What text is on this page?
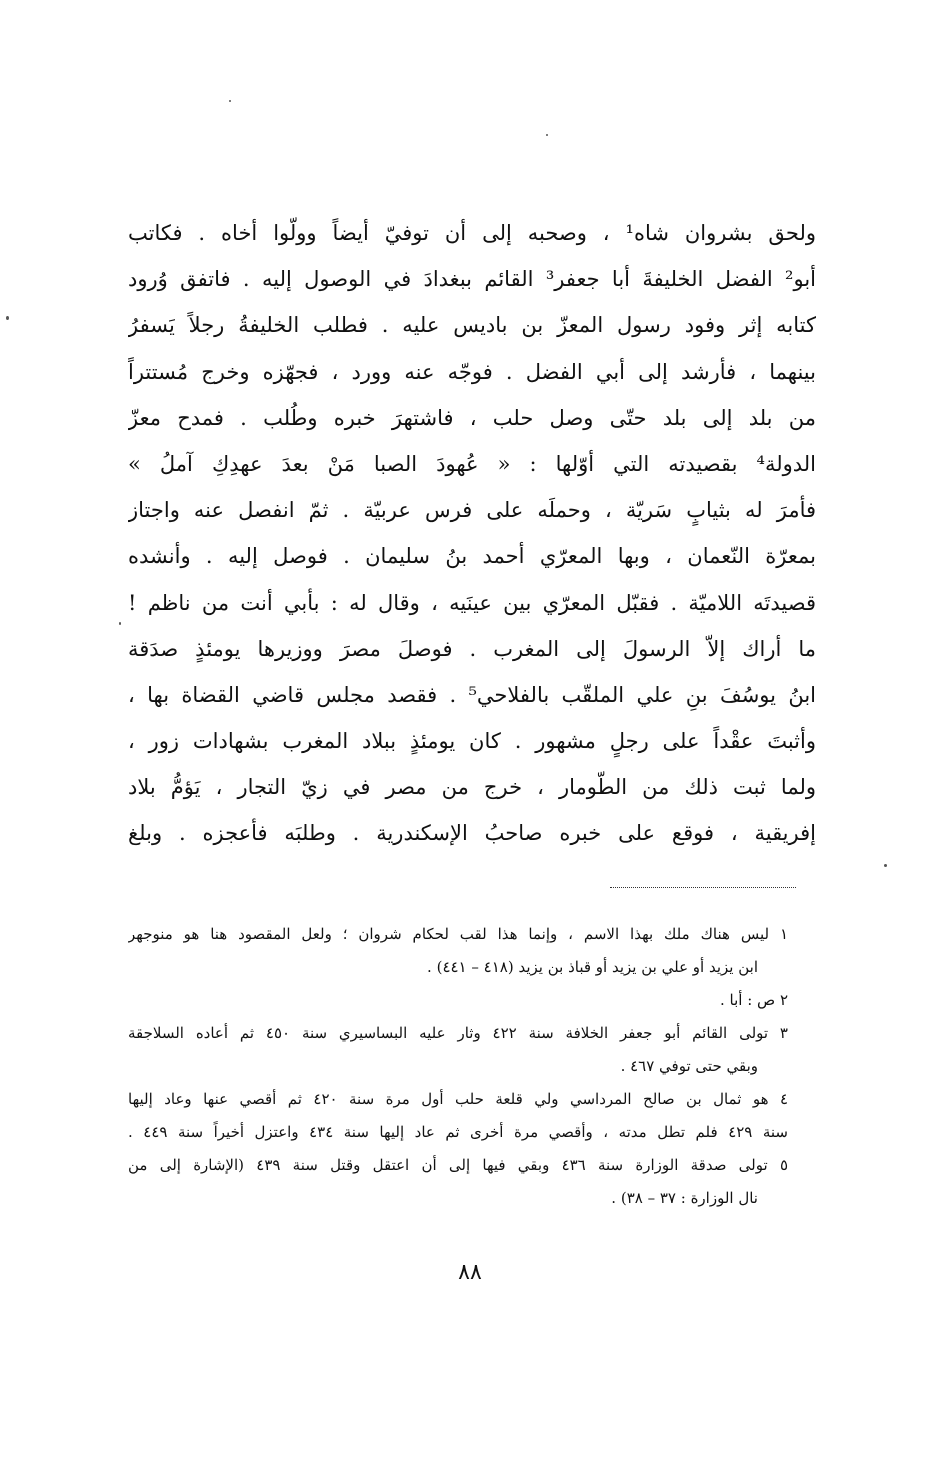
ولحق بشروان شاه¹ ، وصحبه إلى أن توفيّ أيضاً وولّوا أخاه . فكاتب
أبو² الفضل الخليفةَ أبا جعفر³ القائم ببغدادَ في الوصول إليه . فاتفق وُرود
كتابه إثر وفود رسول المعزّ بن باديس عليه . فطلب الخليفةُ رجلاً يَسفرُ
بينهما ، فأرشد إلى أبي الفضل . فوجّه عنه وورد ، فجهّزه وخرج مُستتراً
من بلد إلى بلد حتّى وصل حلب ، فاشتهرَ خبره وطُلب . فمدح معزّ
الدولة⁴ بقصيدته التي أوّلها : « عُهودَ الصبا مَنْ بعدَ عهدِكِ آملُ »
فأمرَ له بثيابٍ سَريّة ، وحملَه على فرس عربيّة . ثمّ انفصل عنه واجتاز
بمعرّة النّعمان ، وبها المعرّي أحمد بنُ سليمان . فوصل إليه . وأنشده
قصيدتَه اللاميّة . فقبّل المعرّي بين عينَيه ، وقال له : بأبي أنت من ناظم !
ما أراك إلاّ الرسولَ إلى المغرب . فوصلَ مصرَ ووزيرها يومئذٍ صدَقة
ابنُ يوسُفَ بنِ علي الملقّب بالفلاحي⁵ . فقصد مجلس قاضي القضاة بها ،
وأثبتَ عقْداً على رجلٍ مشهور . كان يومئذٍ ببلاد المغرب بشهادات زور ،
ولما ثبت ذلك من الطّومار ، خرج من مصر في زيّ التجار ، يَؤمُّ بلاد
إفريقية ، فوقع على خبره صاحبُ الإسكندرية . وطلبَه فأعجزه . وبلغ
١ ليس هناك ملك بهذا الاسم ، وإنما هذا لقب لحكام شروان ؛ ولعل المقصود هنا هو منوجهر
ابن يزيد أو علي بن يزيد أو قباذ بن يزيد (٤١٨ – ٤٤١) .
٢ ص : أبا .
٣ تولى القائم أبو جعفر الخلافة سنة ٤٢٢ وثار عليه البساسيري سنة ٤٥٠ ثم أعاده السلاجقة
وبقي حتى توفي ٤٦٧ .
٤ هو ثمال بن صالح المرداسي ولي قلعة حلب أول مرة سنة ٤٢٠ ثم أقصي عنها وعاد إليها
سنة ٤٢٩ فلم تطل مدته ، وأقصي مرة أخرى ثم عاد إليها سنة ٤٣٤ واعتزل أخيراً سنة ٤٤٩ .
٥ تولى صدقة الوزارة سنة ٤٣٦ وبقي فيها إلى أن اعتقل وقتل سنة ٤٣٩ (الإشارة إلى من
نال الوزارة : ٣٧ – ٣٨) .
٨٨
